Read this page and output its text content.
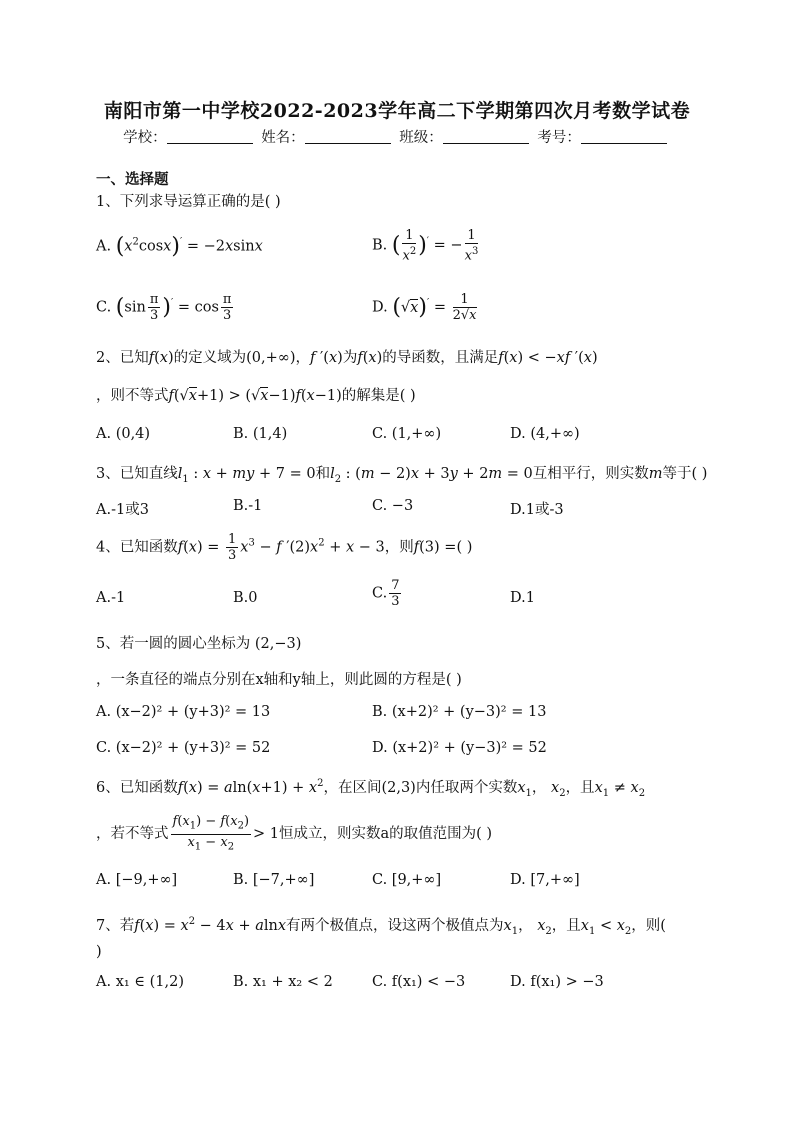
南阳市第一中学校2022-2023学年高二下学期第四次月考数学试卷
学校：	姓名：	班级：	考号：
一、选择题
1、下列求导运算正确的是( )
A. $(x^2\cos x)' = -2xsinx$	B. ( $\frac{1}{x^2} )'$ = − $\frac{1}{x^3}$
C. $(\sin \frac{\pi}{3} )' = \cos \frac{\pi}{3}$	D. $(√x)' = \frac{1}{2√x}$
2、已知f(x)的定义域为(0,+∞)，f ′(x)为f(x)的导函数，且满足f(x) < −xf ′(x)
，则不等式f(√x+1) > (√x−1)f(x−1)的解集是( )
A. (0,4)	B. (1,4)	C. (1,+∞)	D. (4,+∞)
3、已知直线$l_1$ : x + my + 7 = 0和$l_2$ : (m − 2)x + 3y + 2m = 0互相平行，则实数m等于( )
A.-1或3	B.-1	C. −3	D.1或-3
4、已知函数$f(x) = \frac{1}{3} x^3 - f$ $'(2)x^2 + x - 3$，则f(3) =( )
A.-1	B.0	C. $\frac{7}{3}$	D.1
5、若一圆的圆心坐标为 (2,−3)
，一条直径的端点分别在x轴和y轴上，则此圆的方程是( )
A. (x−2)² + (y+3)² = 13	B. (x+2)² + (y−3)² = 13
C. (x−2)² + (y+3)² = 52	D. (x+2)² + (y−3)² = 52
6、已知函数$f(x) = aln(x+1) + x^2$，在区间(2,3)内任取两个实数$x_1$， $x_2$，且$x_1 \ne x_2$
，若不等式 $\frac{f(x_1) - f(x_2)}{x_1 - x_2} > 1$恒成立，则实数a的取值范围为( )
A. [−9,+∞]	B. [−7,+∞]	C. [9,+∞]	D. [7,+∞]
7、若$f(x) = x^2 - 4x + alnx$有两个极值点，设这两个极值点为$x_1$， $x_2$，且$x_1 < x_2$，则(
)
A. x₁ ∈ (1,2)	B. x₁ + x₂ < 2	C. f(x₁) < −3	D. f(x₁) > −3
